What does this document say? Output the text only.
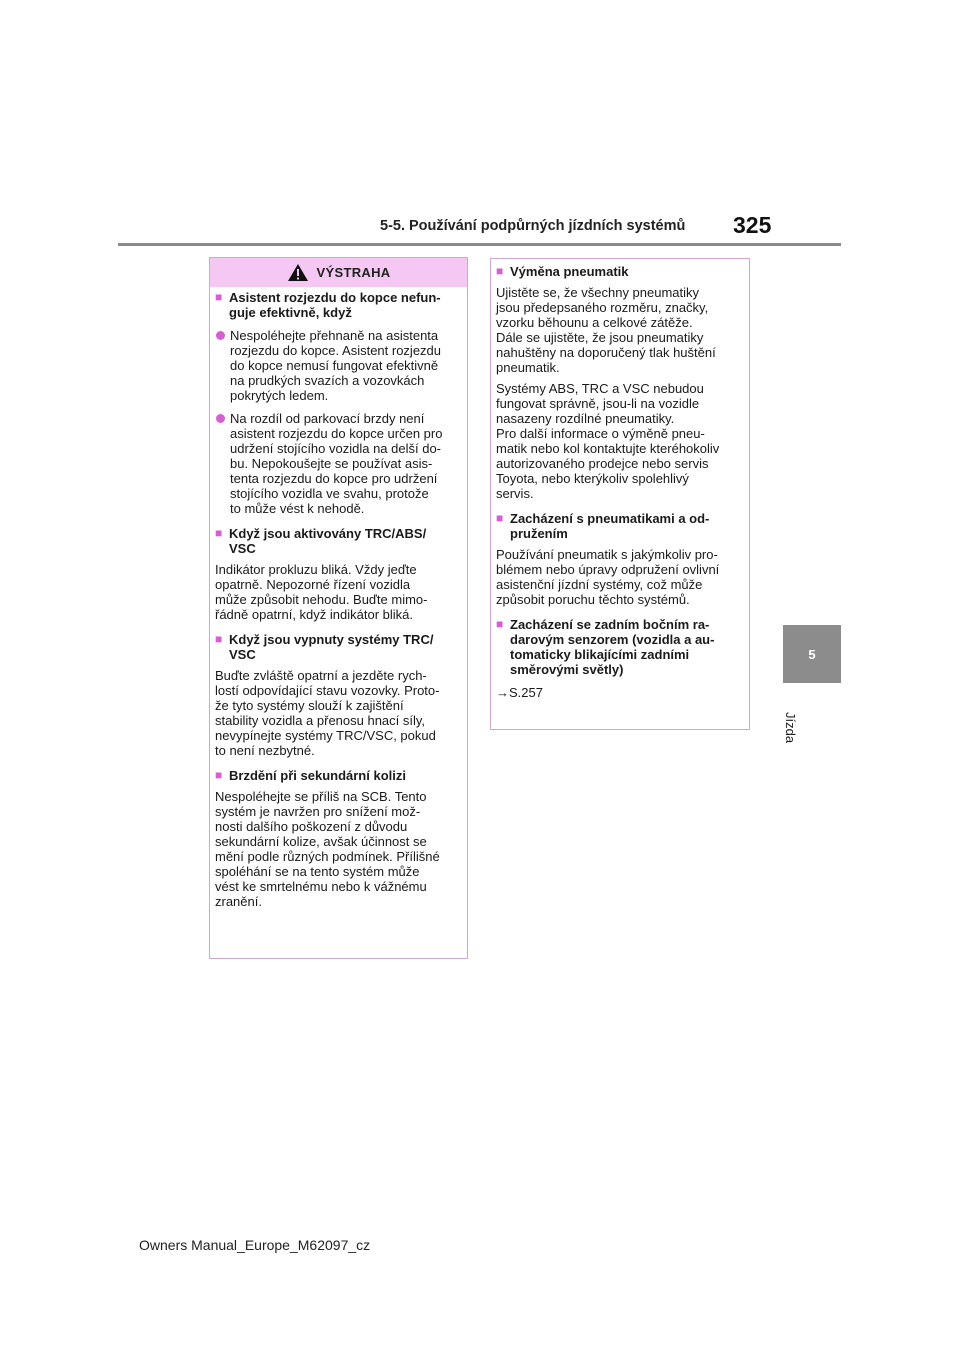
5-5. Používání podpůrných jízdních systémů 325
5
Jízda
VÝSTRAHA
■ Asistent rozjezdu do kopce nefun-
guje efektivně, když
Nespoléhejte přehnaně na asistenta
rozjezdu do kopce. Asistent rozjezdu
do kopce nemusí fungovat efektivně
na prudkých svazích a vozovkách
pokrytých ledem.
Na rozdíl od parkovací brzdy není
asistent rozjezdu do kopce určen pro
udržení stojícího vozidla na delší do-
bu. Nepokoušejte se používat asis-
tenta rozjezdu do kopce pro udržení
stojícího vozidla ve svahu, protože
to může vést k nehodě.
■ Když jsou aktivovány TRC/ABS/
VSC

Indikátor prokluzu bliká. Vždy jeďte
opatrně. Nepozorné řízení vozidla
může způsobit nehodu. Buďte mimo-
řádně opatrní, když indikátor bliká.

■ Když jsou vypnuty systémy TRC/
VSC

Buďte zvláště opatrní a jezděte rych-
lostí odpovídající stavu vozovky. Proto-
že tyto systémy slouží k zajištění
stability vozidla a přenosu hnací síly,
nevypínejte systémy TRC/VSC, pokud
to není nezbytné.

■ Brzdění při sekundární kolizi

Nespoléhejte se příliš na SCB. Tento
systém je navržen pro snížení mož-
nosti dalšího poškození z důvodu
sekundární kolize, avšak účinnost se
mění podle různých podmínek. Přílišné
spoléhání se na tento systém může
vést ke smrtelnému nebo k vážnému
zranění.

■ Výměna pneumatik

Ujistěte se, že všechny pneumatiky
jsou předepsaného rozměru, značky,
vzorku běhounu a celkové zátěže.
Dále se ujistěte, že jsou pneumatiky
nahuštěny na doporučený tlak huštění
pneumatik.

Systémy ABS, TRC a VSC nebudou
fungovat správně, jsou-li na vozidle
nasazeny rozdílné pneumatiky.
Pro další informace o výměně pneu-
matik nebo kol kontaktujte kteréhokoliv
autorizovaného prodejce nebo servis
Toyota, nebo kterýkoliv spolehlivý
servis.

■ Zacházení s pneumatikami a od-
pružením

Používání pneumatik s jakýmkoliv pro-
blémem nebo úpravy odpružení ovlivní
asistenční jízdní systémy, což může
způsobit poruchu těchto systémů.

■ Zacházení se zadním bočním ra-
darovým senzorem (vozidla a au-
tomaticky blikajícími zadními
směrovými světly)

→S.257

Owners Manual_Europe_M62097_cz
